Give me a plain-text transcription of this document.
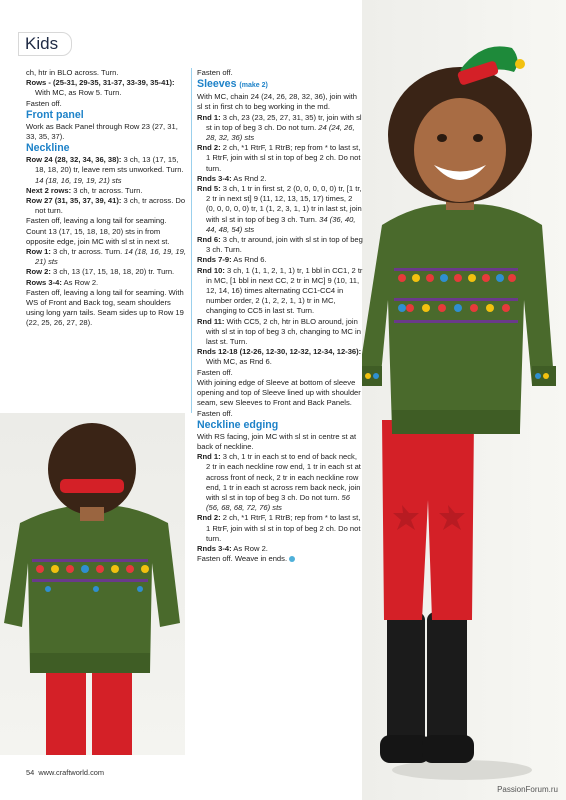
Kids

ch, htr in BLO across. Turn.

Rows - (25-31, 29-35, 31-37, 33-39, 35-41): With MC, as Row 5. Turn.

Fasten off.

Front panel

Work as Back Panel through Row 23 (27, 31, 33, 35, 37).

Neckline

Row 24 (28, 32, 34, 36, 38): 3 ch, 13 (17, 15, 18, 18, 20) tr, leave rem sts unworked. Turn. 14 (18, 16, 19, 19, 21) sts

Next 2 rows: 3 ch, tr across. Turn.

Row 27 (31, 35, 37, 39, 41): 3 ch, tr across. Do not turn.

Fasten off, leaving a long tail for seaming. Count 13 (17, 15, 18, 18, 20) sts in from opposite edge, join MC with sl st in next st.

Row 1: 3 ch, tr across. Turn. 14 (18, 16, 19, 19, 21) sts

Row 2: 3 ch, 13 (17, 15, 18, 18, 20) tr. Turn.

Rows 3-4: As Row 2.

Fasten off, leaving a long tail for seaming. With WS of Front and Back tog, seam shoulders using long yarn tails. Seam sides up to Row 19 (22, 25, 26, 27, 28).

Fasten off.

Sleeves (make 2)

With MC, chain 24 (24, 26, 28, 32, 36), join with sl st in first ch to beg working in the md.

Rnd 1: 3 ch, 23 (23, 25, 27, 31, 35) tr, join with sl st in top of beg 3 ch. Do not turn. 24 (24, 26, 28, 32, 36) sts

Rnd 2: 2 ch, *1 RtrF, 1 RtrB; rep from * to last st, 1 RtrF, join with sl st in top of beg 2 ch. Do not turn.

Rnds 3-4: As Rnd 2.

Rnd 5: 3 ch, 1 tr in first st, 2 (0, 0, 0, 0, 0) tr, [1 tr, 2 tr in next st] 9 (11, 12, 13, 15, 17) times, 2 (0, 0, 0, 0, 0) tr, 1 (1, 2, 3, 1, 1) tr in last st, join with sl st in top of beg 3 ch. Turn. 34 (36, 40, 44, 48, 54) sts

Rnd 6: 3 ch, tr around, join with sl st in top of beg 3 ch. Turn.

Rnds 7-9: As Rnd 6.

Rnd 10: 3 ch, 1 (1, 1, 2, 1, 1) tr, 1 bbl in CC1, 2 tr in MC, [1 bbl in next CC, 2 tr in MC] 9 (10, 11, 12, 14, 16) times alternating CC1-CC4 in number order, 2 (1, 2, 2, 1, 1) tr in MC, changing to CC5 in last st. Turn.

Rnd 11: With CC5, 2 ch, htr in BLO around, join with sl st in top of beg 3 ch, changing to MC in last st. Turn.

Rnds 12-18 (12-26, 12-30, 12-32, 12-34, 12-36): With MC, as Rnd 6.

Fasten off.

With joining edge of Sleeve at bottom of sleeve opening and top of Sleeve lined up with shoulder seam, sew Sleeves to Front and Back Panels. Fasten off.

Neckline edging

With RS facing, join MC with sl st in centre st at back of neckline.

Rnd 1: 3 ch, 1 tr in each st to end of back neck, 2 tr in each neckline row end, 1 tr in each st at across front of neck, 2 tr in each neckline row end, 1 tr in each st across rem back neck, join with sl st in top of beg 3 ch. Do not turn. 56 (56, 68, 68, 72, 76) sts

Rnd 2: 2 ch, *1 RtrF, 1 RtrB; rep from * to last st, 1 RtrF, join with sl st in top of beg 2 ch. Do not turn.

Rnds 3-4: As Row 2.

Fasten off. Weave in ends.

54 www.craftworld.com
PassionForum.ru
